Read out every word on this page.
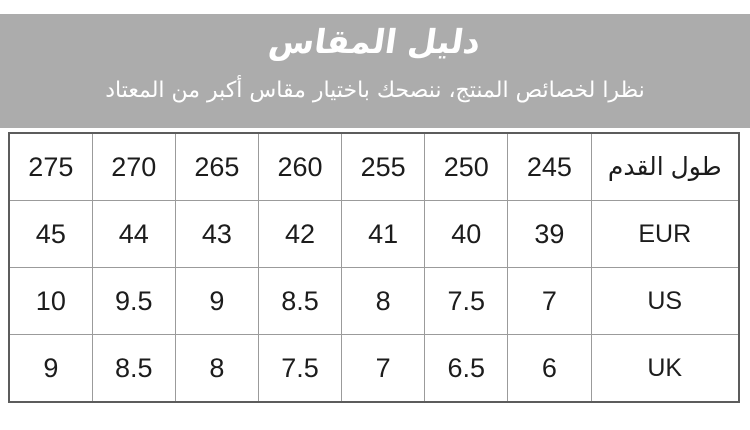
دليل المقاس
نظرا لخصائص المنتج، ننصحك باختيار مقاس أكبر من المعتاد
طول القدم	245	250	255	260	265	270	275
EUR	39	40	41	42	43	44	45
US	7	7.5	8	8.5	9	9.5	10
UK	6	6.5	7	7.5	8	8.5	9
